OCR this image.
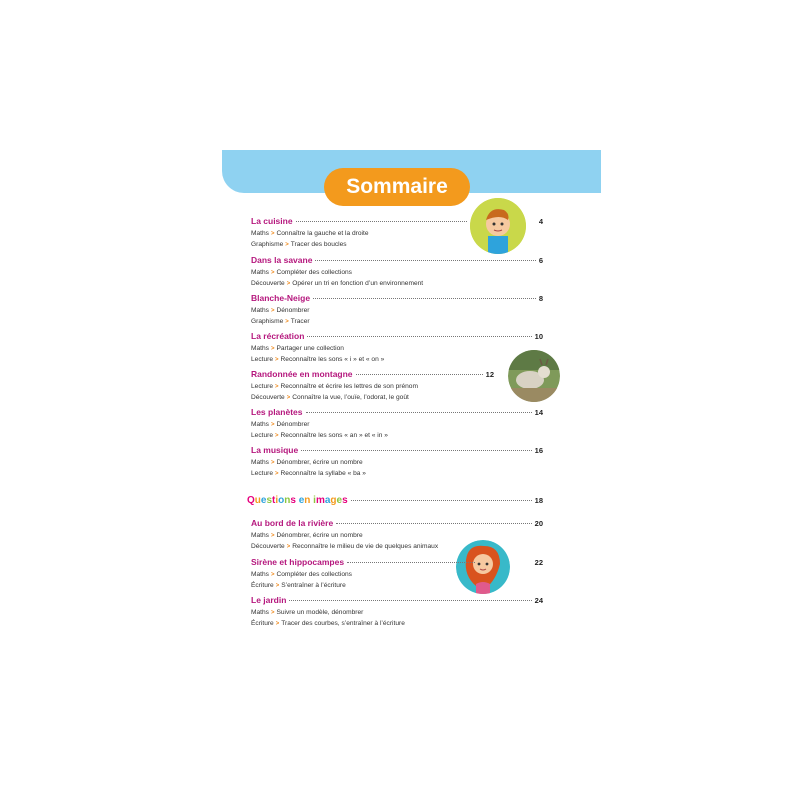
Sommaire
La cuisine	4
Maths > Connaître la gauche et la droite
Graphisme > Tracer des boucles
Dans la savane	6
Maths > Compléter des collections
Découverte > Opérer un tri en fonction d’un environnement
Blanche-Neige	8
Maths > Dénombrer
Graphisme > Tracer
La récréation	10
Maths > Partager une collection
Lecture > Reconnaître les sons « i » et « on »
Randonnée en montagne	12
Lecture > Reconnaître et écrire les lettres de son prénom
Découverte > Connaître la vue, l’ouïe, l’odorat, le goût
Les planètes	14
Maths > Dénombrer
Lecture > Reconnaître les sons « an » et « in »
La musique	16
Maths > Dénombrer, écrire un nombre
Lecture > Reconnaître la syllabe « ba »
Questions en images	18
Au bord de la rivière	20
Maths > Dénombrer, écrire un nombre
Découverte > Reconnaître le milieu de vie de quelques animaux
Sirène et hippocampes	22
Maths > Compléter des collections
Écriture > S’entraîner à l’écriture
Le jardin	24
Maths > Suivre un modèle, dénombrer
Écriture > Tracer des courbes, s’entraîner à l’écriture
